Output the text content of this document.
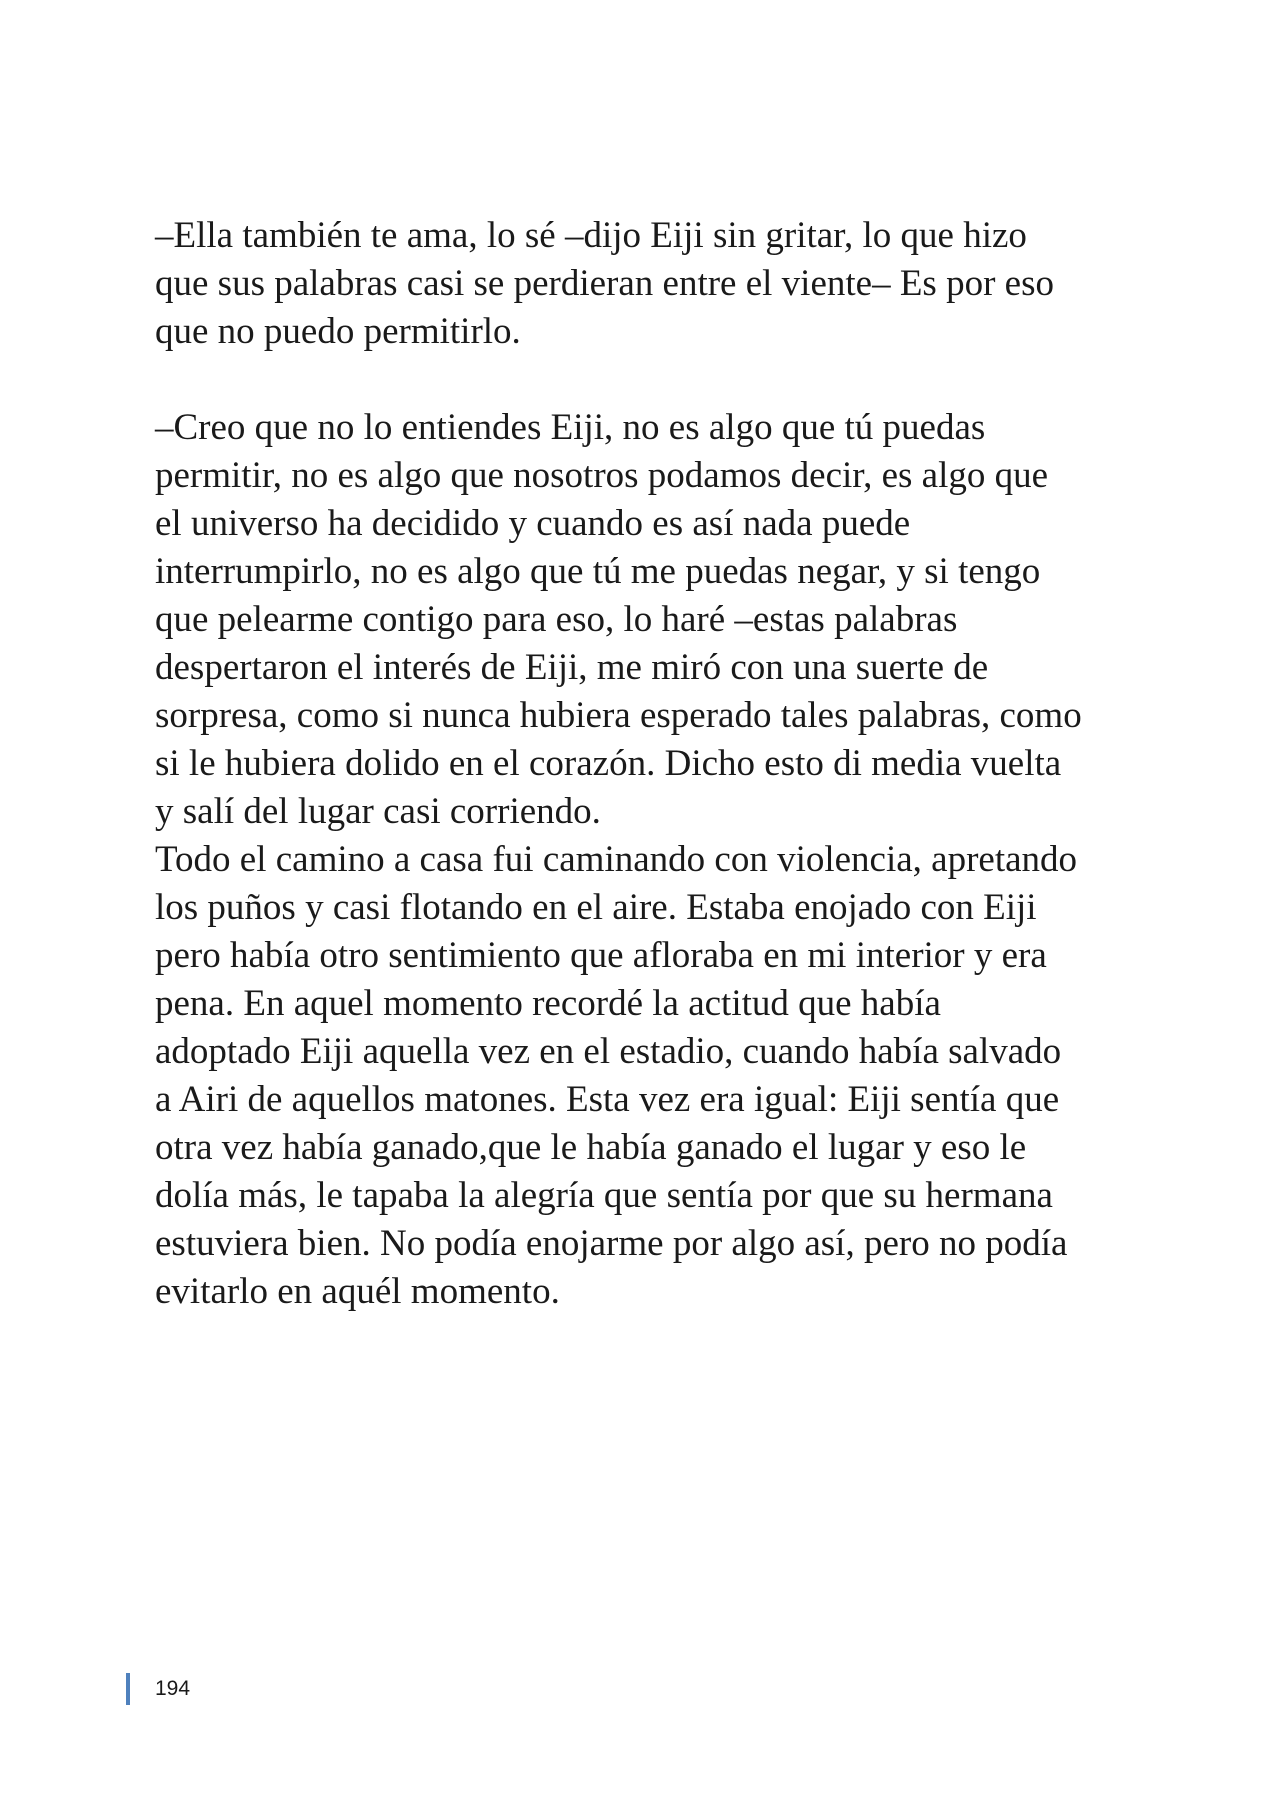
–Ella también te ama, lo sé –dijo Eiji sin gritar, lo que hizo
que sus palabras casi se perdieran entre el viente– Es por eso
que no puedo permitirlo.
–Creo que no lo entiendes Eiji, no es algo que tú puedas
permitir, no es algo que nosotros podamos decir, es algo que
el universo ha decidido y cuando es así nada puede
interrumpirlo, no es algo que tú me puedas negar, y si tengo
que pelearme contigo para eso, lo haré –estas palabras
despertaron el interés de Eiji, me miró con una suerte de
sorpresa, como si nunca hubiera esperado tales palabras, como
si le hubiera dolido en el corazón. Dicho esto di media vuelta
y salí del lugar casi corriendo.
Todo el camino a casa fui caminando con violencia, apretando
los puños y casi flotando en el aire. Estaba enojado con Eiji
pero había otro sentimiento que afloraba en mi interior y era
pena. En aquel momento recordé la actitud que había
adoptado Eiji aquella vez en el estadio, cuando había salvado
a Airi de aquellos matones. Esta vez era igual: Eiji sentía que
otra vez había ganado,que le había ganado el lugar y eso le
dolía más, le tapaba la alegría que sentía por que su hermana
estuviera bien. No podía enojarme por algo así, pero no podía
evitarlo en aquél momento.
194
